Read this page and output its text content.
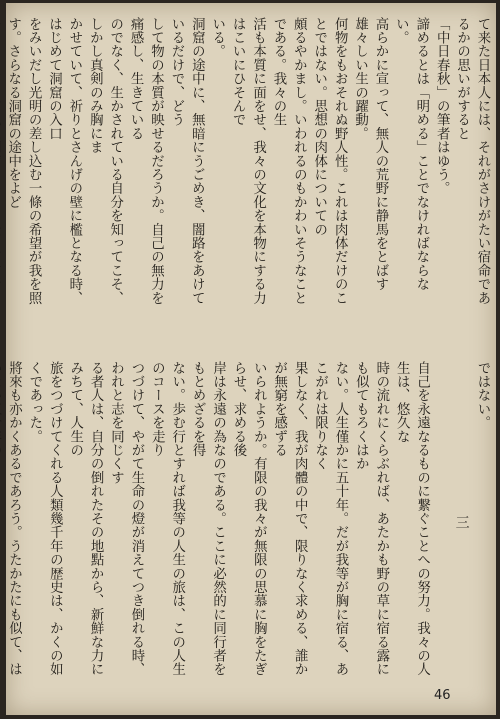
て来た日本人には、それがさけがたい宿命であるかの思いがすると

「中日春秋」の筆者はゆう。

諦めるとは「明める」ことでなければならない。

高らかに宣って、無人の荒野に静馬をとばす雄々しい生の躍動。

何物をもおそれぬ野人性。これは肉体だけのことではない。思想の肉体についての

頗るやかまし。いわれるのもかわいそうなことである。我々の生

活も本質に面をせ、我々の文化を本物にする力はこいにひそんで

いる。

洞窟の途中に、無暗にうごめき、闇路をあけているだけで、どう

して物の本質が映せるだろうか。自己の無力を痛感し、生きている

のでなく、生かされている自分を知ってこそ、しかし真剣のみ胸にま

かせていて、祈りとさんげの壁に檻となる時、はじめて洞窟の入口

をみいだし光明の差し込む一條の希望が我を照す。さらなる洞窟の途中をよど

ではない。

三

自己を永遠なるものに繋ぐことへの努力。我々の人生は、悠久な

時の流れにくらぶれば、あたかも野の草に宿る露にも似てもろくはか

ない。人生僅かに五十年。だが我等が胸に宿る、あこがれは限りなく

果しなく、我が肉體の中で、限りなく求める、誰かが無窮を感ずる

いられようか。有限の我々が無限の思慕に胸をたぎらせ、求める後

岸は永遠の為なのである。ここに必然的に同行者をもとめざるを得

ない。歩む行とすれば我等の人生の旅は、この人生のコースを走り

つづけて、やがて生命の燈が消えてつき倒れる時、われと志を同じくす

る者人は、自分の倒れたその地點から、新鮮な力にみちて、人生の

旅をつづけてくれる人類幾千年の歴史は、かくの如くであった。

將來も亦かくあるであろう。うたかたにも似て、は

46
